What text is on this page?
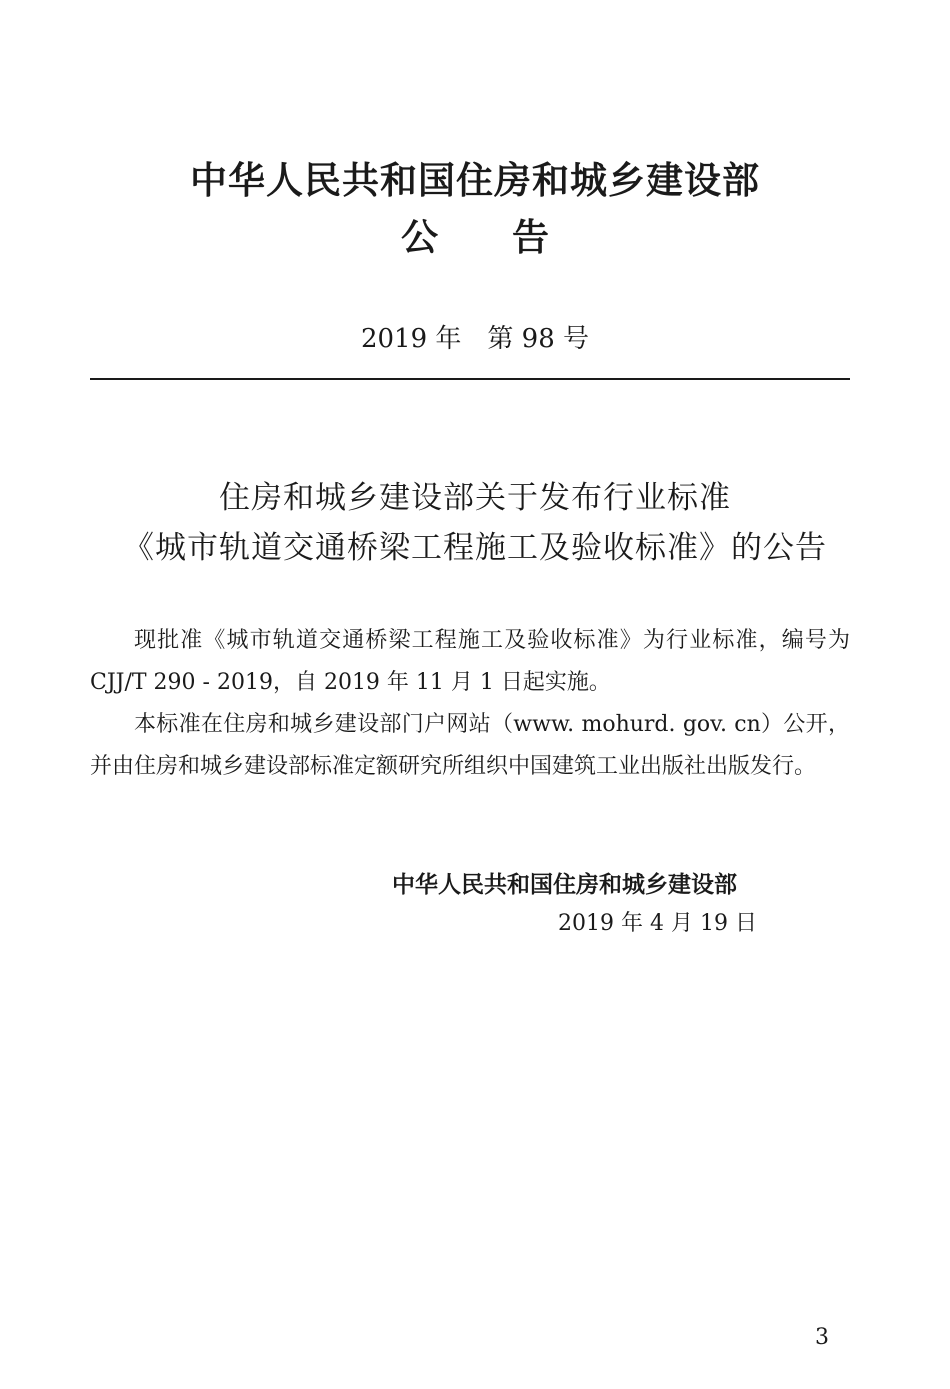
中华人民共和国住房和城乡建设部
公告
2019 年　第 98 号
住房和城乡建设部关于发布行业标准
《城市轨道交通桥梁工程施工及验收标准》的公告
现批准《城市轨道交通桥梁工程施工及验收标准》为行业标准，编号为 CJJ/T 290 - 2019，自 2019 年 11 月 1 日起实施。
本标准在住房和城乡建设部门户网站（www. mohurd. gov. cn）公开，并由住房和城乡建设部标准定额研究所组织中国建筑工业出版社出版发行。
中华人民共和国住房和城乡建设部
2019 年 4 月 19 日
3
